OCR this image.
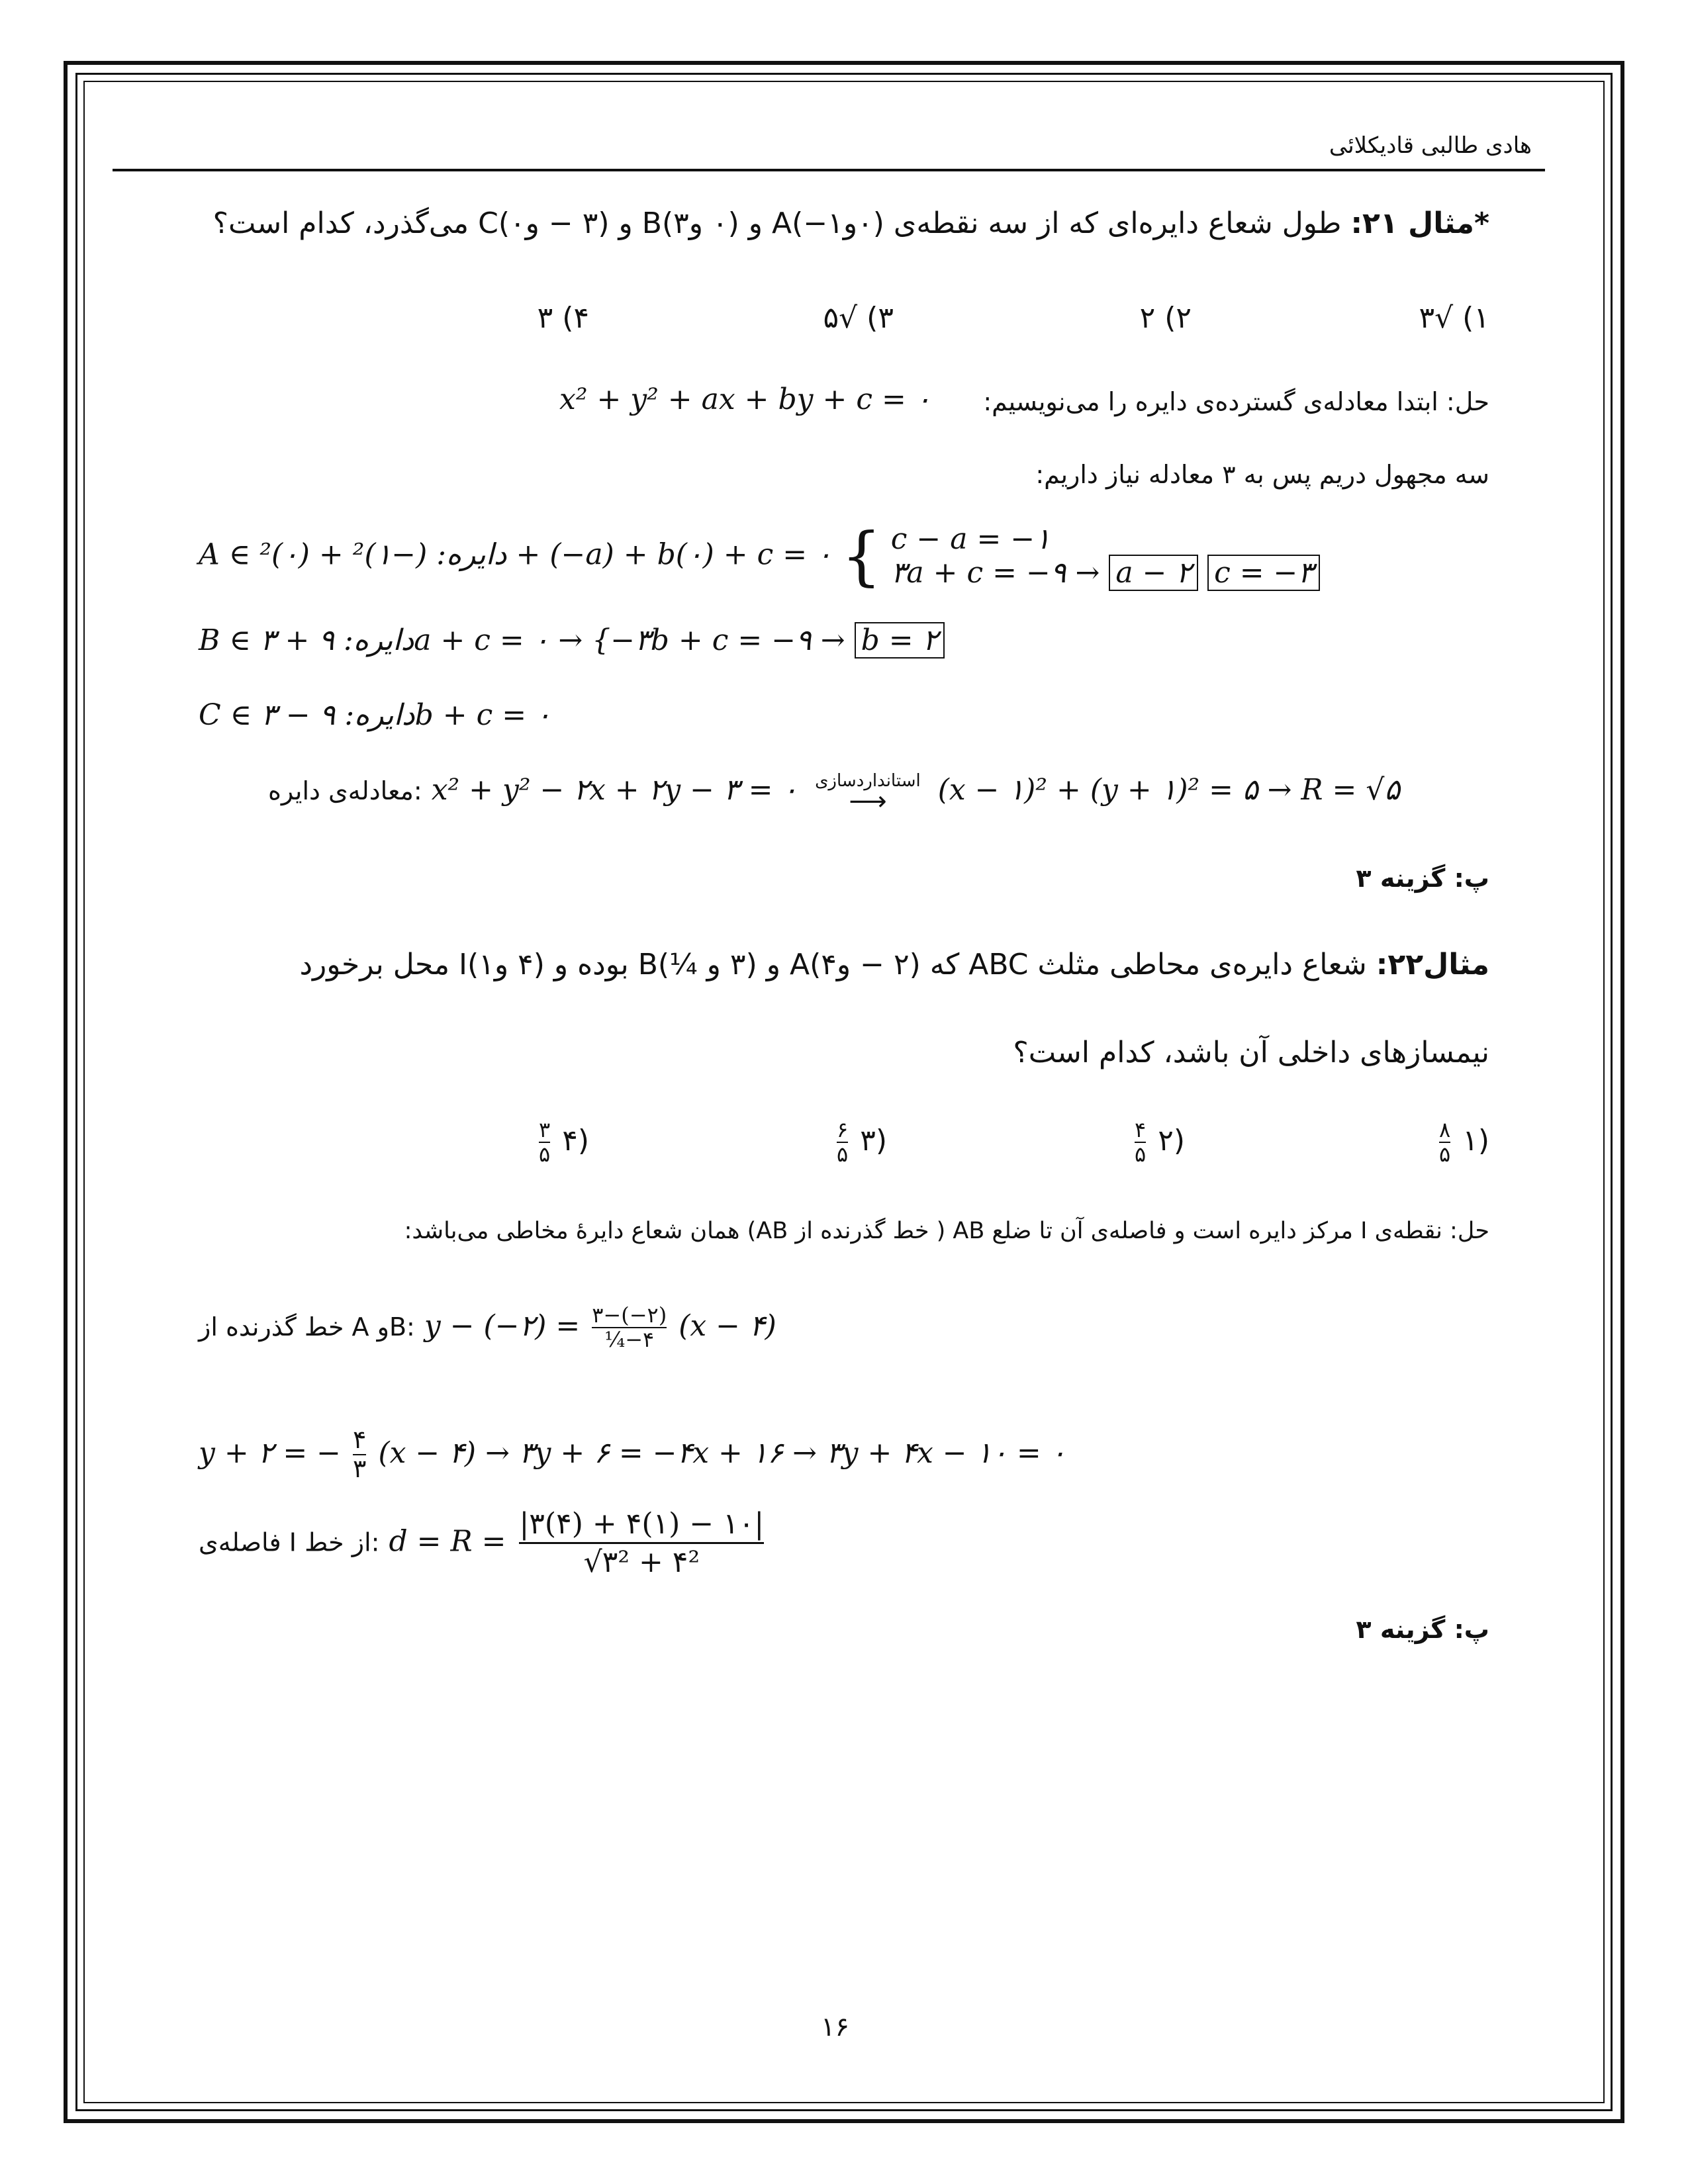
هادی طالبی قادیکلائی
*مثال ۲۱: طول شعاع دایره‌ای که از سه نقطه‌ی (۰و۱−)A و (۰ و۳)B و (۳ − و۰)C می‌گذرد، کدام است؟
۱) √۳
۲) ۲
۳) √۵
۴) ۳
حل: ابتدا معادله‌ی گسترده‌ی دایره را می‌نویسیم:
x² + y² + ax + by + c = ۰
سه مجهول دریم پس به ۳ معادله نیاز داریم:
A ∈ دایره: (−۱)² + (۰)² + (−a) + b(۰) + c = ۰ { c − a = −۱
۳a + c = −۹ → a − ۲ c = −۳
B ∈ دایره: ۹ + ۳a + c = ۰ → {−۳b + c = −۹ → b = ۲
C ∈ دایره: ۹ − ۳b + c = ۰
معادله‌ی دایره: x² + y² − ۲x + ۲y − ۳ = ۰ استانداردسازی
⟶ (x − ۱)² + (y + ۱)² = ۵ → R = √۵
پ: گزینه ۳
مثال۲۲: شعاع دایره‌ی محاطی مثلث ABC که (۲ − و۴)A و (۳ و ¼)B بوده و (۴ و۱)I محل برخورد
نیمسازهای داخلی آن باشد، کدام است؟
$\frac{۸}{۵}$ ۱)
$\frac{۴}{۵}$ ۲)
$\frac{۶}{۵}$ ۳)
$\frac{۳}{۵}$ ۴)
حل: نقطه‌ی I مرکز دایره است و فاصله‌ی آن تا ضلع AB ( خط گذرنده از AB) همان شعاع دایرهٔ مخاطی می‌باشد:
خط گذرنده از A وB: y − (−۲) = $\frac{۳-(-۲)}{\text{¼−۴}} (x$ − ۴)
y + ۲ = − $\frac{۴}{۳} (x$ − ۴) → ۳y + ۶ = −۴x + ۱۶ → ۳y + ۴x − ۱۰ = ۰
فاصله‌ی I از خط: d = R =
|۳(۴) + ۴(۱) − ۱۰|
√۳² + ۴²
پ: گزینه ۳
۱۶
